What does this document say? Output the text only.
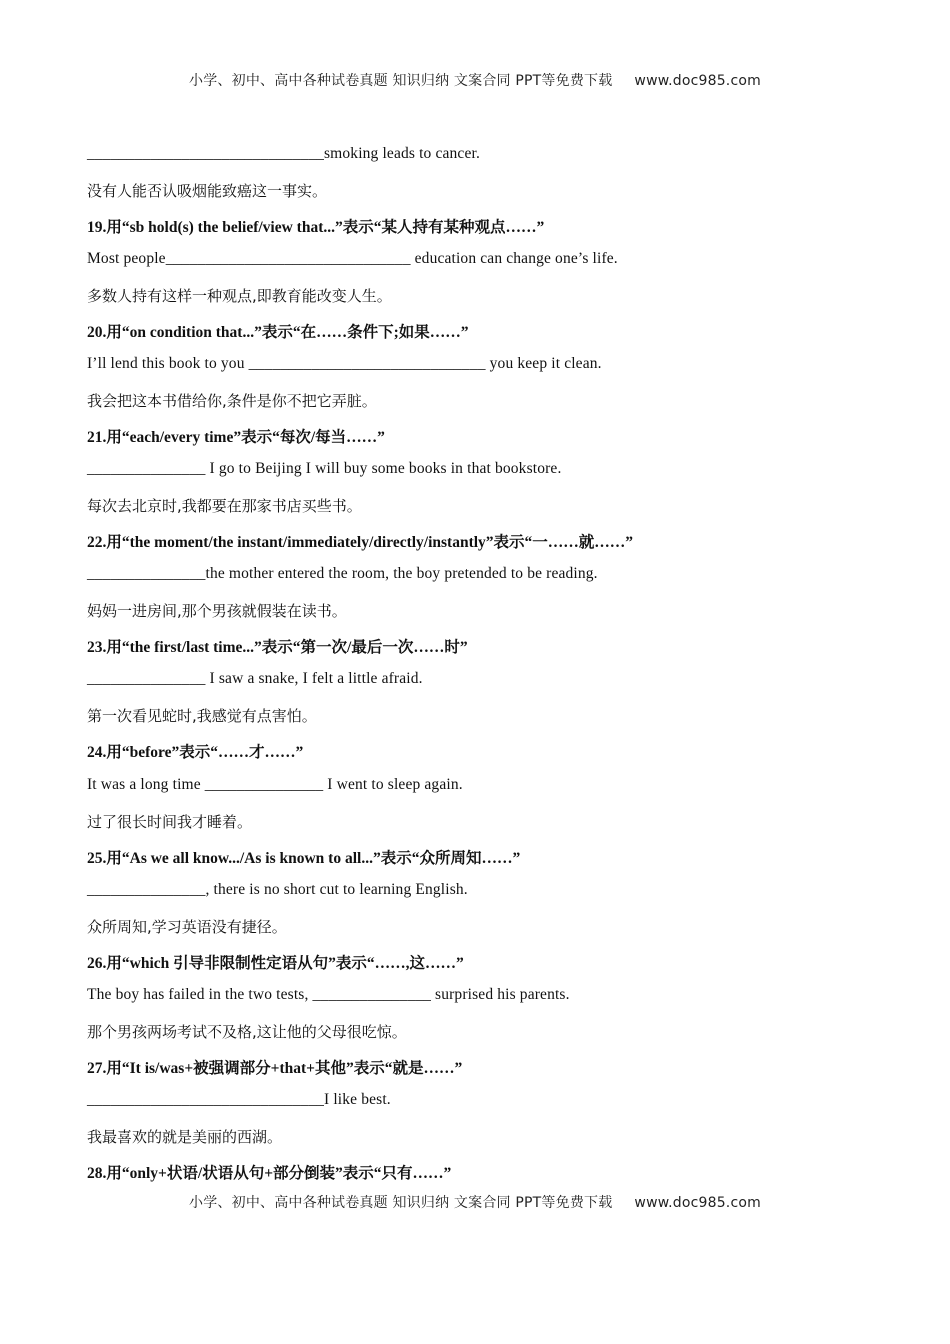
小学、初中、高中各种试卷真题 知识归纳 文案合同 PPT等免费下载 www.doc985.com
______________________________smoking leads to cancer.
没有人能否认吸烟能致癌这一事实。
19.用“sb hold(s) the belief/view that...”表示“某人持有某种观点……”
Most people_______________________________ education can change one’s life.
多数人持有这样一种观点,即教育能改变人生。
20.用“on condition that...”表示“在……条件下;如果……”
I’ll lend this book to you ______________________________ you keep it clean.
我会把这本书借给你,条件是你不把它弄脏。
21.用“each/every time”表示“每次/每当……”
_______________ I go to Beijing I will buy some books in that bookstore.
每次去北京时,我都要在那家书店买些书。
22.用“the moment/the instant/immediately/directly/instantly”表示“一……就……”
_______________the mother entered the room, the boy pretended to be reading.
妈妈一进房间,那个男孩就假装在读书。
23.用“the first/last time...”表示“第一次/最后一次……时”
_______________ I saw a snake, I felt a little afraid.
第一次看见蛇时,我感觉有点害怕。
24.用“before”表示“……才……”
It was a long time _______________ I went to sleep again.
过了很长时间我才睡着。
25.用“As we all know.../As is known to all...”表示“众所周知……”
_______________, there is no short cut to learning English.
众所周知,学习英语没有捷径。
26.用“which 引导非限制性定语从句”表示“……,这……”
The boy has failed in the two tests, _______________ surprised his parents.
那个男孩两场考试不及格,这让他的父母很吃惊。
27.用“It is/was+被强调部分+that+其他”表示“就是……”
______________________________I like best.
我最喜欢的就是美丽的西湖。
28.用“only+状语/状语从句+部分倒装”表示“只有……”
小学、初中、高中各种试卷真题 知识归纳 文案合同 PPT等免费下载 www.doc985.com
